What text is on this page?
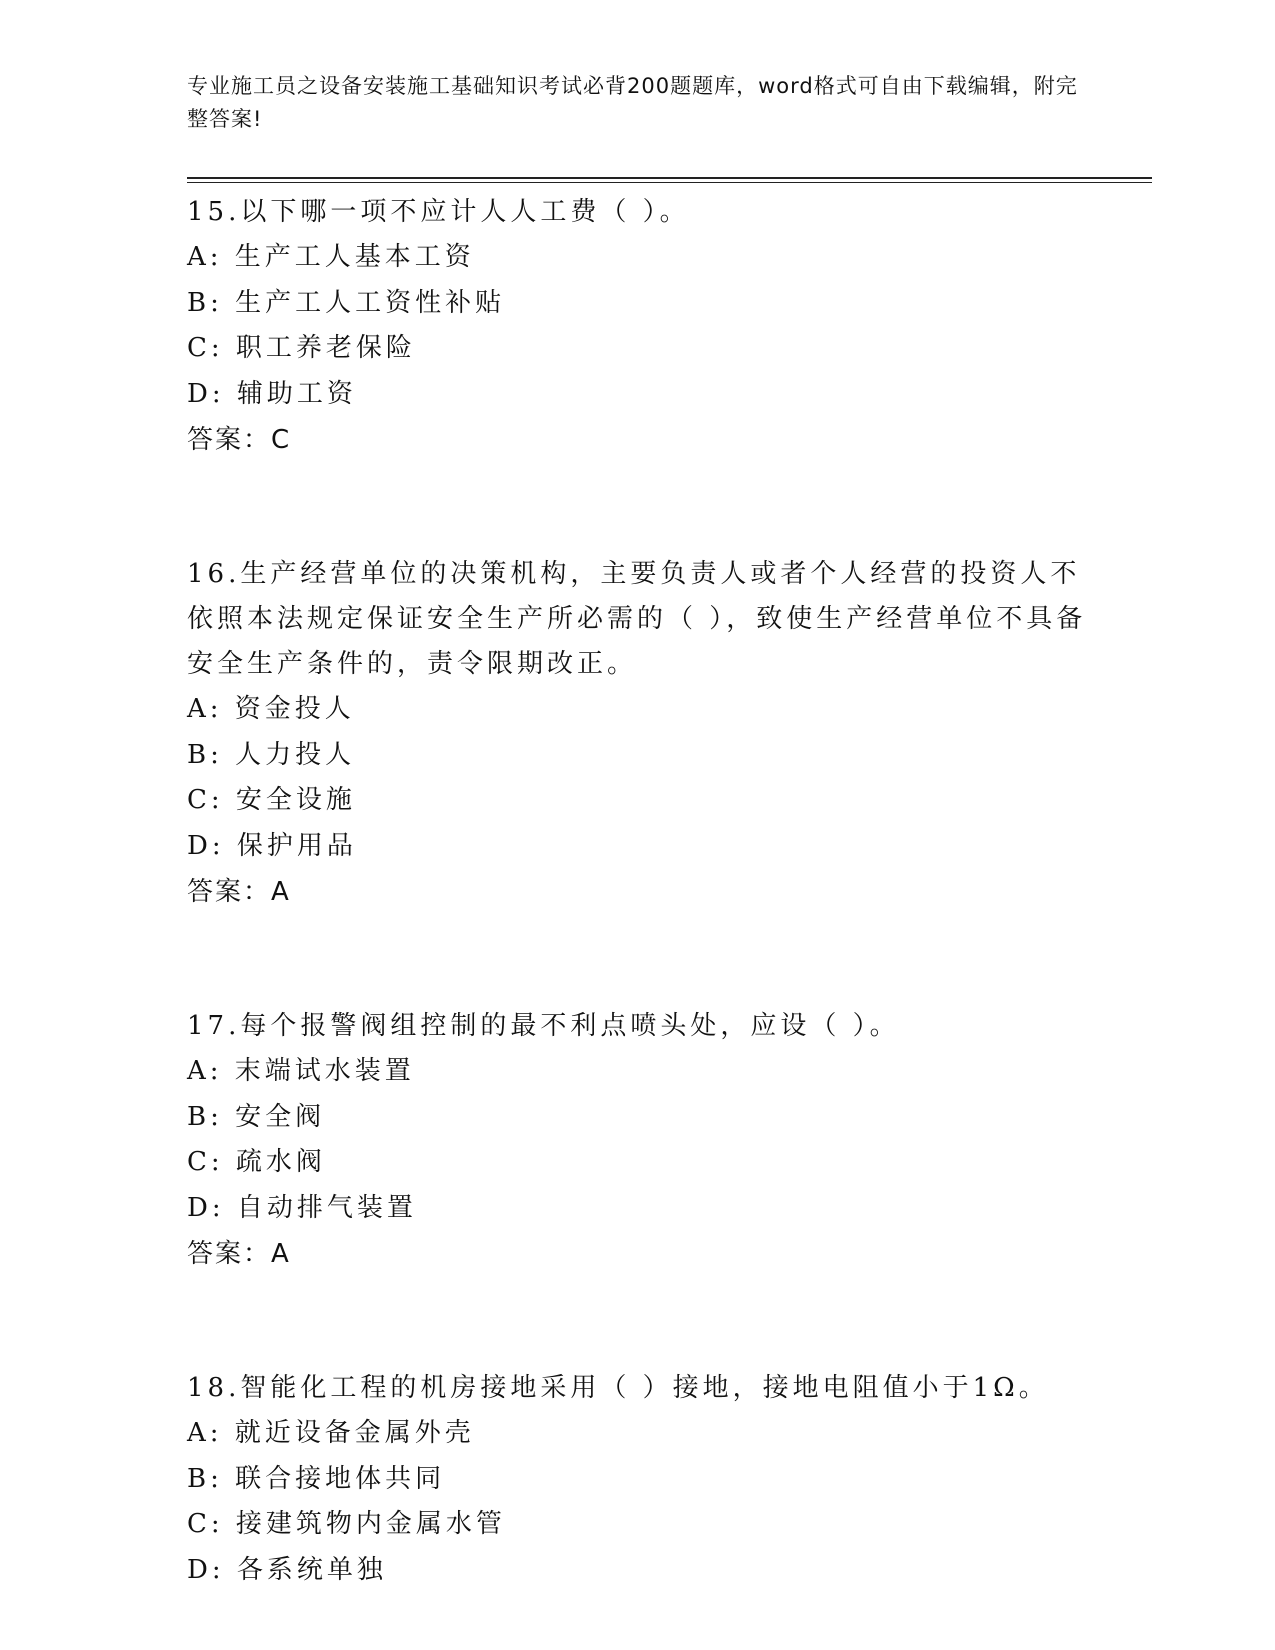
专业施工员之设备安装施工基础知识考试必背200题题库，word格式可自由下载编辑，附完整答案!

15.以下哪一项不应计人人工费（ ）。

A: 生产工人基本工资

B: 生产工人工资性补贴

C: 职工养老保险

D: 辅助工资

答案：C

16.生产经营单位的决策机构，主要负责人或者个人经营的投资人不依照本法规定保证安全生产所必需的（ ），致使生产经营单位不具备安全生产条件的，责令限期改正。

A: 资金投人

B: 人力投人

C: 安全设施

D: 保护用品

答案：A

17.每个报警阀组控制的最不利点喷头处，应设（ ）。

A: 末端试水装置

B: 安全阀

C: 疏水阀

D: 自动排气装置

答案：A

18.智能化工程的机房接地采用（ ）接地，接地电阻值小于1Ω。

A: 就近设备金属外壳

B: 联合接地体共同

C: 接建筑物内金属水管

D: 各系统单独
